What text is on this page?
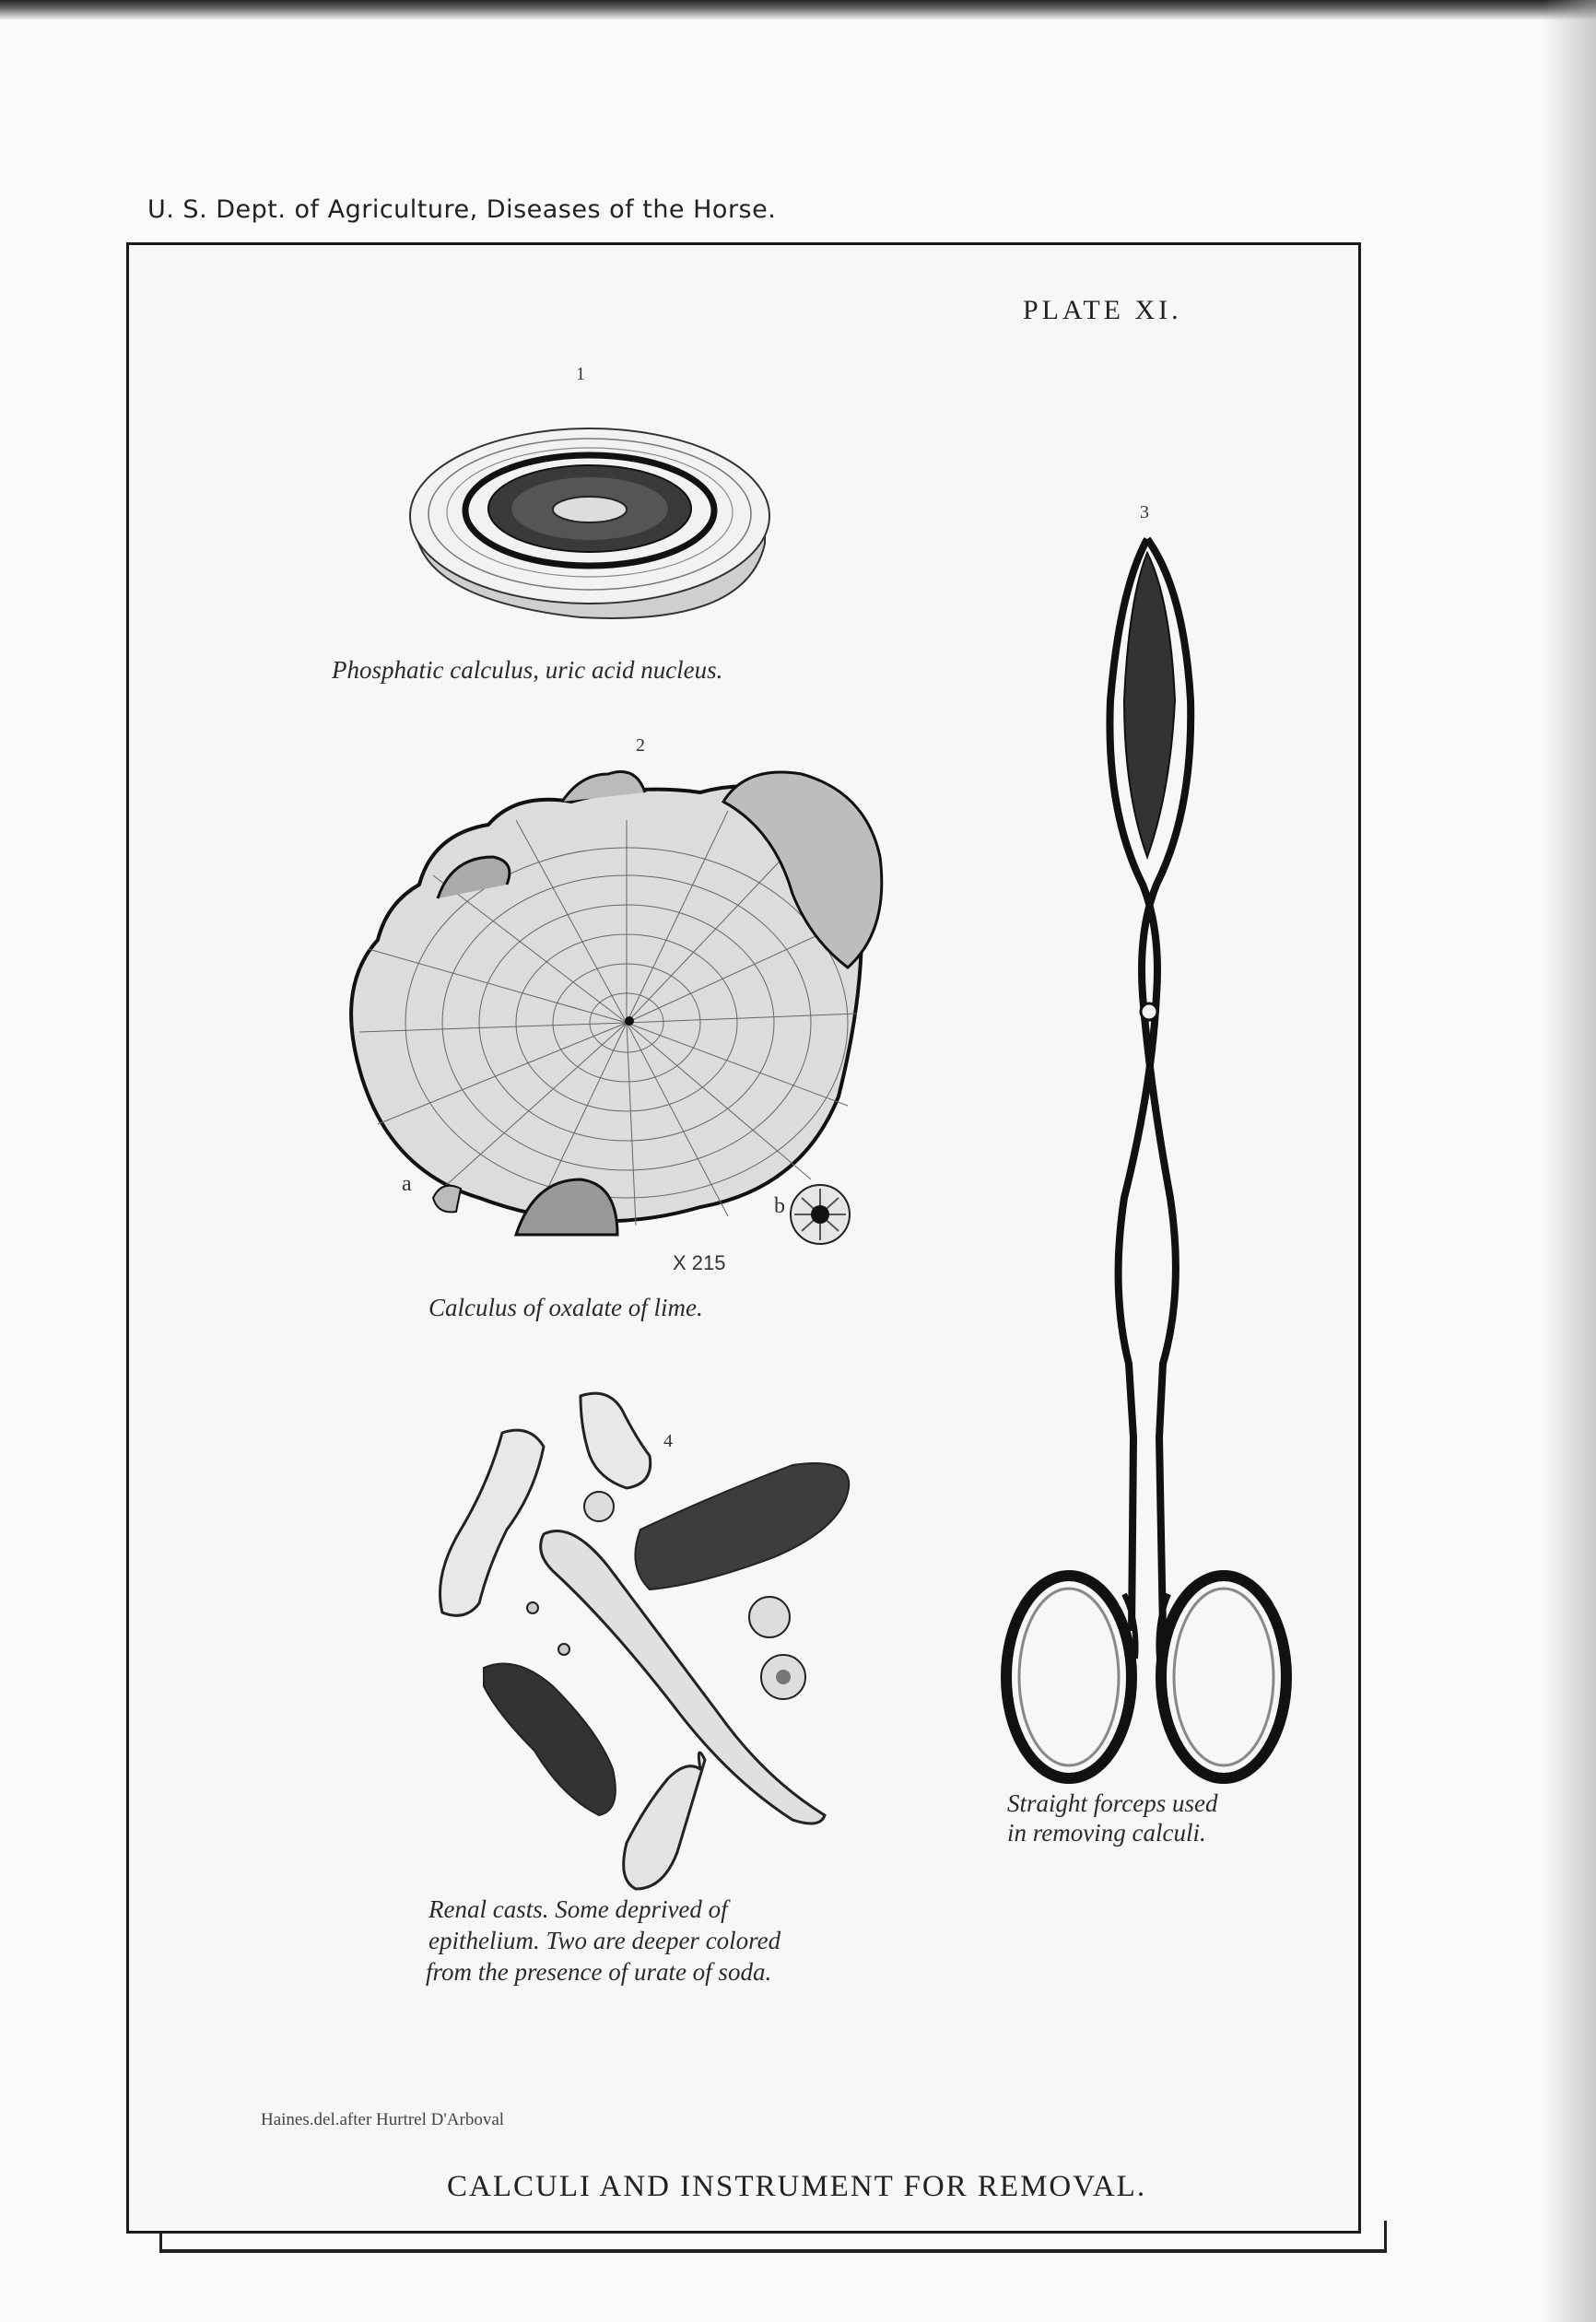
U. S. Dept. of Agriculture, Diseases of the Horse.
PLATE XI.
1
Phosphatic calculus, uric acid nucleus.
2
a
b
X 215
Calculus of oxalate of lime.
3
Straight forceps used
in removing calculi.
4
Renal casts. Some deprived of
epithelium. Two are deeper colored
from the presence of urate of soda.
Haines.del.after Hurtrel D'Arboval
CALCULI AND INSTRUMENT FOR REMOVAL.
